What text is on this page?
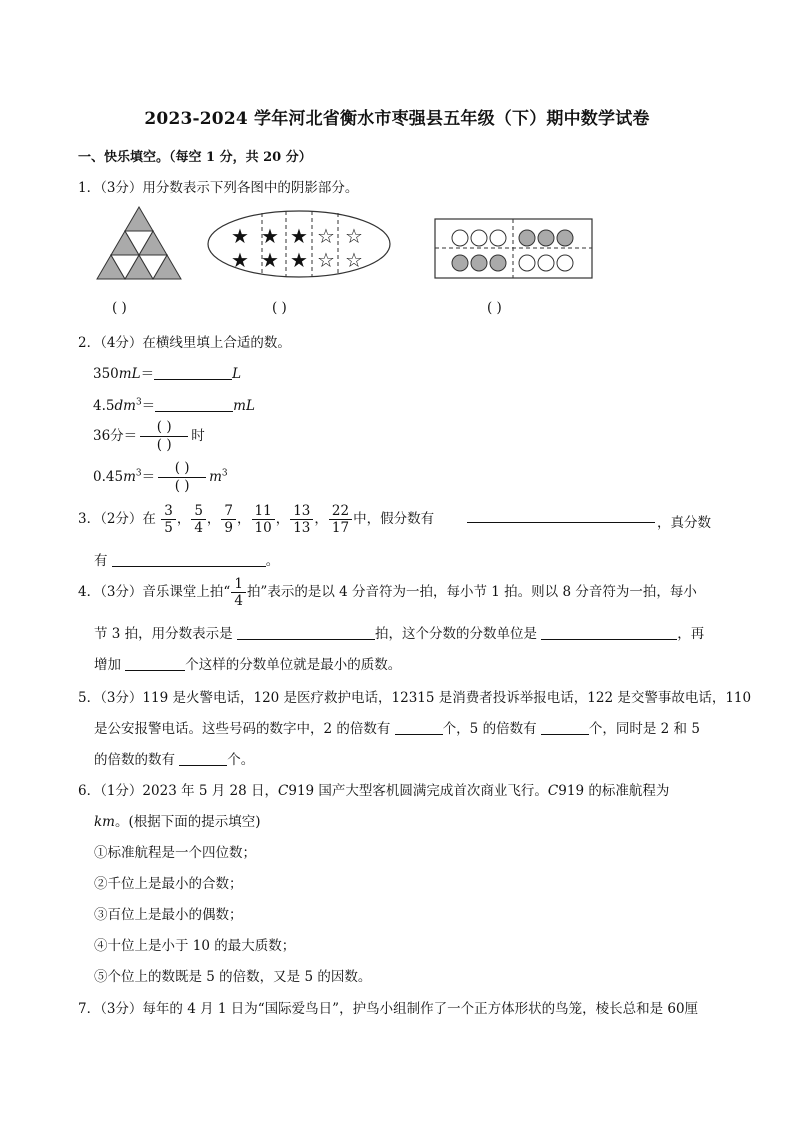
2023-2024 学年河北省衡水市枣强县五年级（下）期中数学试卷
一、快乐填空。（每空 1 分，共 20 分）
1．（3分）用分数表示下列各图中的阴影部分。
★ ★ ★ ☆ ☆
★ ★ ★ ☆ ☆
( )	( )	( )
2．（4分）在横线里填上合适的数。
350mL＝	L
$4.5dm^3=$	mL
36分＝ $\frac{( )}{( )}$ 时
$0.45m^3= \frac{( )}{( )} m^3$
3．（2分）在 $\frac{3}{5}$ ， $\frac{5}{4}$ ， $\frac{7}{9}$ ， $\frac{11}{10}$ ， $\frac{13}{13}$ ， $\frac{22}{17}$ 中，假分数有	，真分数
有	。
4．（3分）音乐课堂上拍“ $\frac{1}{4}$ 拍”表示的是以 4 分音符为一拍，每小节 1 拍。则以 8 分音符为一拍，每小
节 3 拍，用分数表示是	拍，这个分数的分数单位是	，再
增加	个这样的分数单位就是最小的质数。
5．（3分）119 是火警电话，120 是医疗救护电话，12315 是消费者投诉举报电话，122 是交警事故电话，110
是公安报警电话。这些号码的数字中，2 的倍数有	个，5 的倍数有	个，同时是 2 和 5
的倍数的数有	个。
6．（1分）2023 年 5 月 28 日，C919 国产大型客机圆满完成首次商业飞行。C919 的标准航程为
km。(根据下面的提示填空)
①标准航程是一个四位数；
②千位上是最小的合数；
③百位上是最小的偶数；
④十位上是小于 10 的最大质数；
⑤个位上的数既是 5 的倍数，又是 5 的因数。
7．（3分）每年的 4 月 1 日为“国际爱鸟日”，护鸟小组制作了一个正方体形状的鸟笼，棱长总和是 60厘
